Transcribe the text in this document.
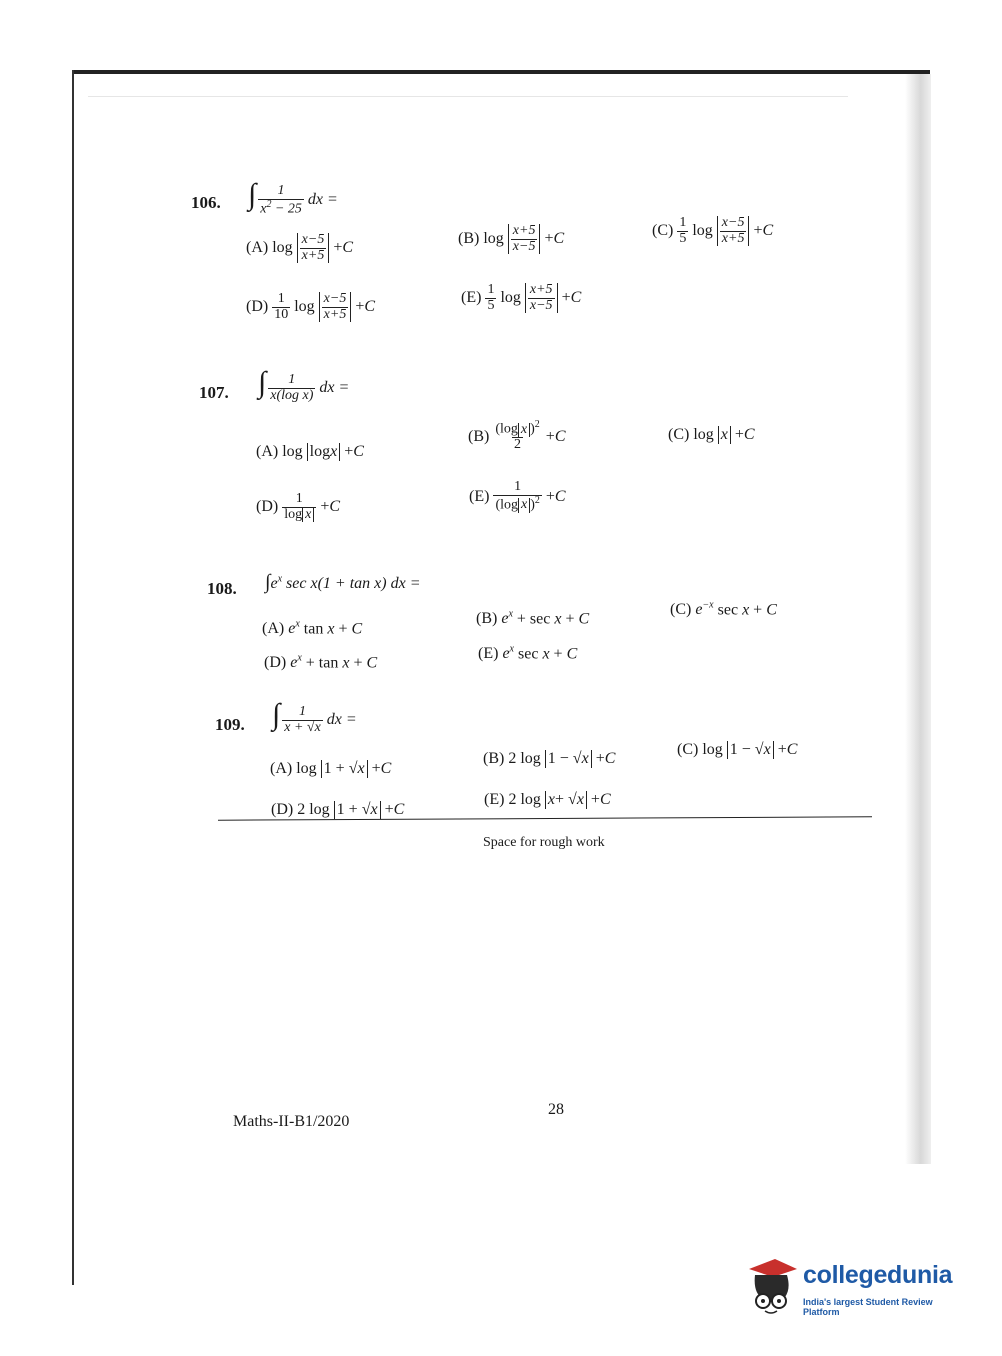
106. ∫ $\frac{1}{x^2 - 25}$ dx =
(A) $\log \frac{x-5}{x+5} +C$
(B) $\log \frac{x+5}{x-5} +C$	$(C) \frac{1}{5}$ $\log \frac{x-5}{x+5} +C$
$(D) \frac{1}{10}$ $\log \frac{x-5}{x+5} +C$
$(E) \frac{1}{5}$ $\log \frac{x+5}{x-5} +C$
107. ∫ $\frac{1}{\text{x(log x)}}$ dx =
(A) log log x +C
$(B) \frac{(\log x )^2}{2} +C$	(C) log x +C
$(D) \frac{1}{\text{log x}} +C$
$(E) \frac{1}{(\log x )^2} +C$
108. $\int e^x$ sec x(1 + tan x) dx =
(A) $e^x$ tan x + C
(B) $e^x + \sec x + C$
(C) $e^{-x}$ sec x + C
(D) $e^x + \tan x + C$
(E) $e^x$ sec x + C
109. ∫ $\frac{1}{x + √x}$ dx =
(A) log 1 + √ x +C
(B) 2 log 1 − √ x +C
(C) log 1 − √ x +C
(D) 2 log 1 + √ x +C
(E) 2 log x + √ x +C
Space for rough work
Maths-II-B1/2020
28
collegedunia
India's largest Student Review Platform
